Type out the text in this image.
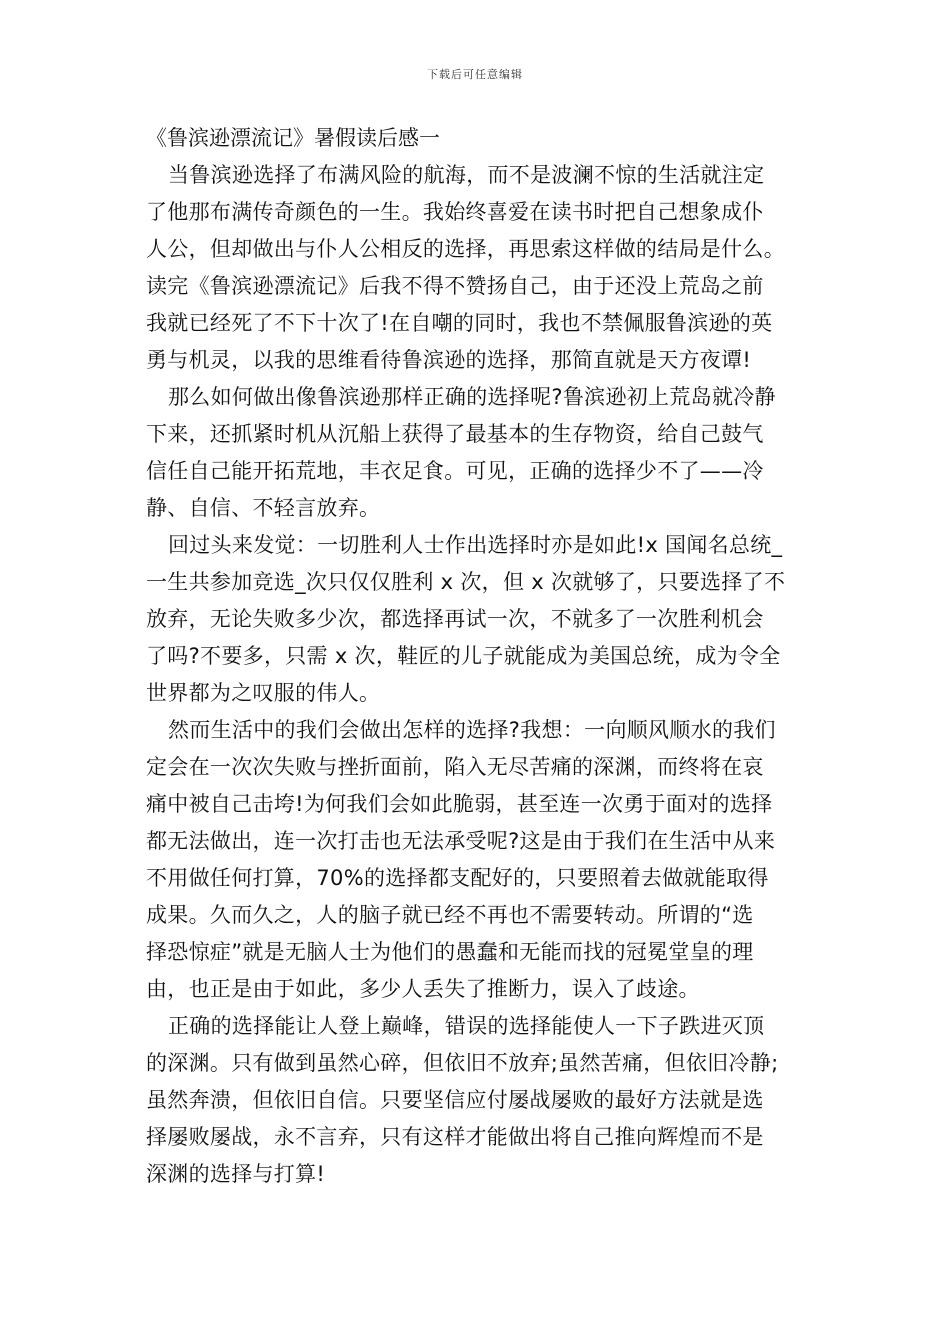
下载后可任意编辑
《鲁滨逊漂流记》暑假读后感一
当鲁滨逊选择了布满风险的航海，而不是波澜不惊的生活就注定
了他那布满传奇颜色的一生。我始终喜爱在读书时把自己想象成仆
人公，但却做出与仆人公相反的选择，再思索这样做的结局是什么。
读完《鲁滨逊漂流记》后我不得不赞扬自己，由于还没上荒岛之前
我就已经死了不下十次了!在自嘲的同时，我也不禁佩服鲁滨逊的英
勇与机灵，以我的思维看待鲁滨逊的选择，那简直就是天方夜谭!
那么如何做出像鲁滨逊那样正确的选择呢?鲁滨逊初上荒岛就冷静
下来，还抓紧时机从沉船上获得了最基本的生存物资，给自己鼓气
信任自己能开拓荒地，丰衣足食。可见，正确的选择少不了——冷
静、自信、不轻言放弃。
回过头来发觉：一切胜利人士作出选择时亦是如此!x 国闻名总统_
一生共参加竞选_次只仅仅胜利 x 次，但 x 次就够了，只要选择了不
放弃，无论失败多少次，都选择再试一次，不就多了一次胜利机会
了吗?不要多，只需 x 次，鞋匠的儿子就能成为美国总统，成为令全
世界都为之叹服的伟人。
然而生活中的我们会做出怎样的选择?我想：一向顺风顺水的我们
定会在一次次失败与挫折面前，陷入无尽苦痛的深渊，而终将在哀
痛中被自己击垮!为何我们会如此脆弱，甚至连一次勇于面对的选择
都无法做出，连一次打击也无法承受呢?这是由于我们在生活中从来
不用做任何打算，70%的选择都支配好的，只要照着去做就能取得
成果。久而久之，人的脑子就已经不再也不需要转动。所谓的“选
择恐惊症”就是无脑人士为他们的愚蠢和无能而找的冠冕堂皇的理
由，也正是由于如此，多少人丢失了推断力，误入了歧途。
正确的选择能让人登上巅峰，错误的选择能使人一下子跌进灭顶
的深渊。只有做到虽然心碎，但依旧不放弃;虽然苦痛，但依旧冷静;
虽然奔溃，但依旧自信。只要坚信应付屡战屡败的最好方法就是选
择屡败屡战，永不言弃，只有这样才能做出将自己推向辉煌而不是
深渊的选择与打算!
